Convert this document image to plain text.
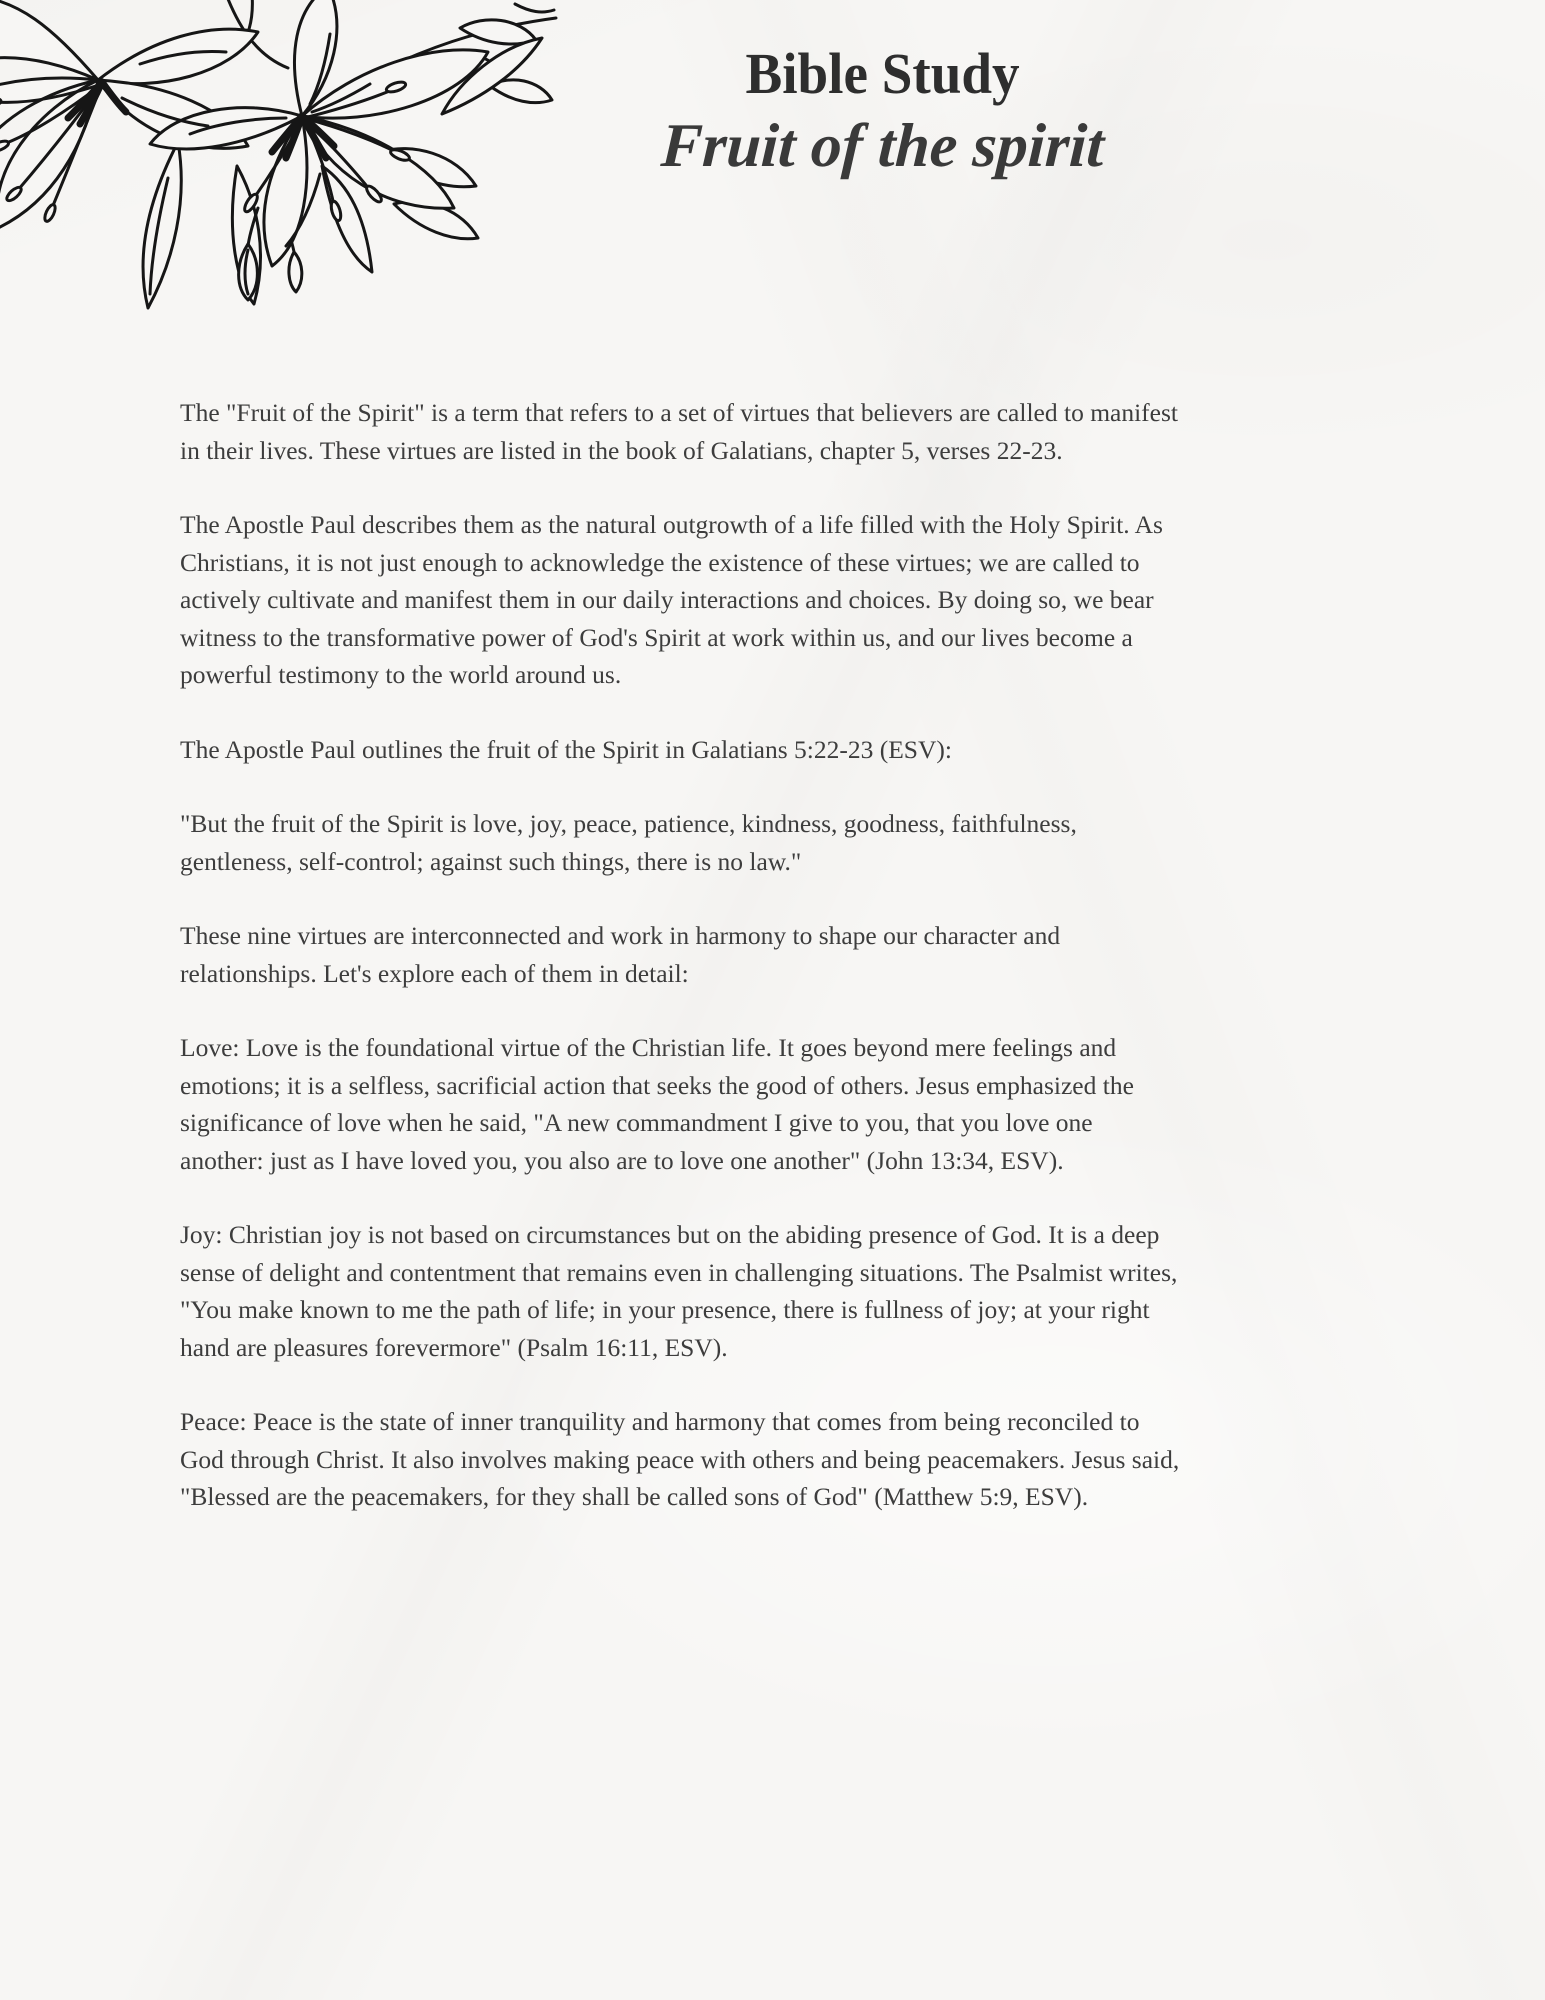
Bible Study
Fruit of the spirit

The "Fruit of the Spirit" is a term that refers to a set of virtues that believers are called to manifest in their lives. These virtues are listed in the book of Galatians, chapter 5, verses 22-23.

The Apostle Paul describes them as the natural outgrowth of a life filled with the Holy Spirit. As Christians, it is not just enough to acknowledge the existence of these virtues; we are called to actively cultivate and manifest them in our daily interactions and choices. By doing so, we bear witness to the transformative power of God's Spirit at work within us, and our lives become a powerful testimony to the world around us.

The Apostle Paul outlines the fruit of the Spirit in Galatians 5:22-23 (ESV):

"But the fruit of the Spirit is love, joy, peace, patience, kindness, goodness, faithfulness, gentleness, self-control; against such things, there is no law."

These nine virtues are interconnected and work in harmony to shape our character and relationships. Let's explore each of them in detail:

Love: Love is the foundational virtue of the Christian life. It goes beyond mere feelings and emotions; it is a selfless, sacrificial action that seeks the good of others. Jesus emphasized the significance of love when he said, "A new commandment I give to you, that you love one another: just as I have loved you, you also are to love one another" (John 13:34, ESV).

Joy: Christian joy is not based on circumstances but on the abiding presence of God. It is a deep sense of delight and contentment that remains even in challenging situations. The Psalmist writes, "You make known to me the path of life; in your presence, there is fullness of joy; at your right hand are pleasures forevermore" (Psalm 16:11, ESV).

Peace: Peace is the state of inner tranquility and harmony that comes from being reconciled to God through Christ. It also involves making peace with others and being peacemakers. Jesus said, "Blessed are the peacemakers, for they shall be called sons of God" (Matthew 5:9, ESV).
